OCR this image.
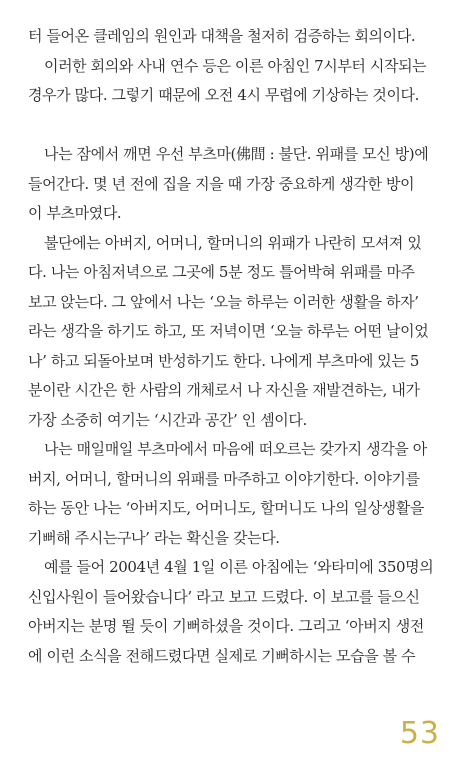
터 들어온 클레임의 원인과 대책을 철저히 검증하는 회의이다.
이러한 회의와 사내 연수 등은 이른 아침인 7시부터 시작되는
경우가 많다. 그렇기 때문에 오전 4시 무렵에 기상하는 것이다.
나는 잠에서 깨면 우선 부츠마(佛間 : 불단. 위패를 모신 방)에
들어간다. 몇 년 전에 집을 지을 때 가장 중요하게 생각한 방이
이 부츠마였다.
불단에는 아버지, 어머니, 할머니의 위패가 나란히 모셔져 있
다. 나는 아침저녁으로 그곳에 5분 정도 틀어박혀 위패를 마주
보고 앉는다. 그 앞에서 나는 ‘오늘 하루는 이러한 생활을 하자’
라는 생각을 하기도 하고, 또 저녁이면 ‘오늘 하루는 어떤 날이었
나’ 하고 되돌아보며 반성하기도 한다. 나에게 부츠마에 있는 5
분이란 시간은 한 사람의 개체로서 나 자신을 재발견하는, 내가
가장 소중히 여기는 ‘시간과 공간’ 인 셈이다.
나는 매일매일 부츠마에서 마음에 떠오르는 갖가지 생각을 아
버지, 어머니, 할머니의 위패를 마주하고 이야기한다. 이야기를
하는 동안 나는 ‘아버지도, 어머니도, 할머니도 나의 일상생활을
기뻐해 주시는구나’ 라는 확신을 갖는다.
예를 들어 2004년 4월 1일 이른 아침에는 ‘와타미에 350명의
신입사원이 들어왔습니다’ 라고 보고 드렸다. 이 보고를 들으신
아버지는 분명 뛸 듯이 기뻐하셨을 것이다. 그리고 ‘아버지 생전
에 이런 소식을 전해드렸다면 실제로 기뻐하시는 모습을 볼 수
53
